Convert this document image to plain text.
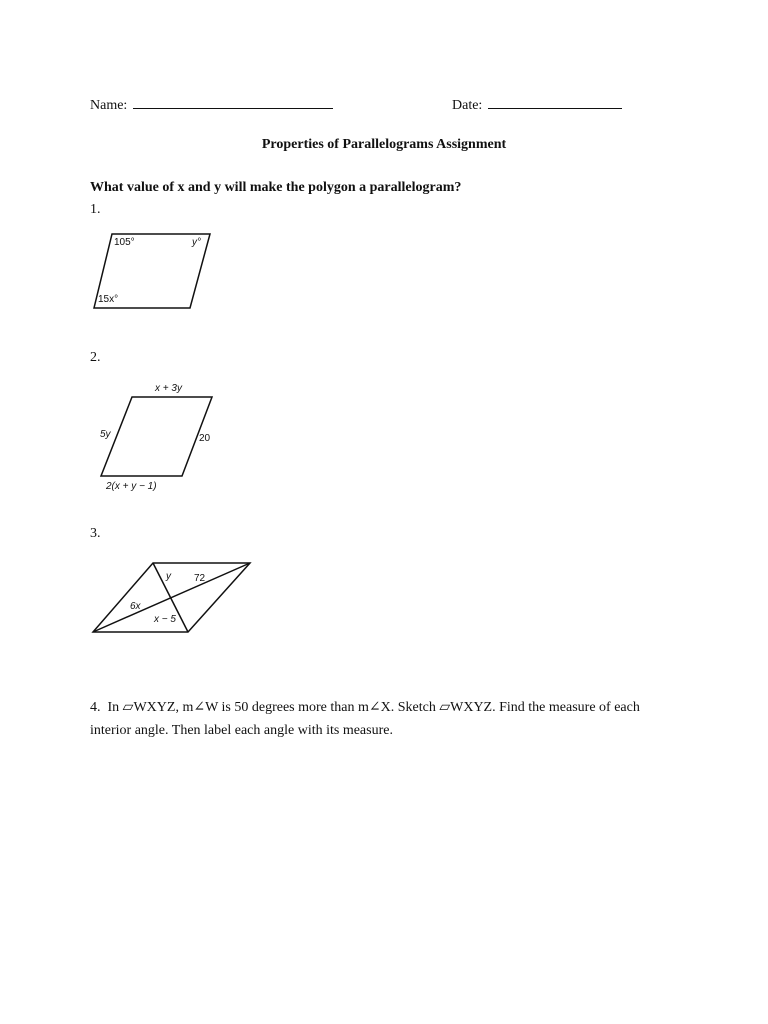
Name:	Date:
Properties of Parallelograms Assignment
What value of x and y will make the polygon a parallelogram?
1.
105°	y°
15x°
2.
x + 3y
5y	20
2(x + y − 1)
3.
y 72
6x
x − 5
4.  In ▱WXYZ, m∠W is 50 degrees more than m∠X. Sketch ▱WXYZ. Find the measure of each interior angle. Then label each angle with its measure.
